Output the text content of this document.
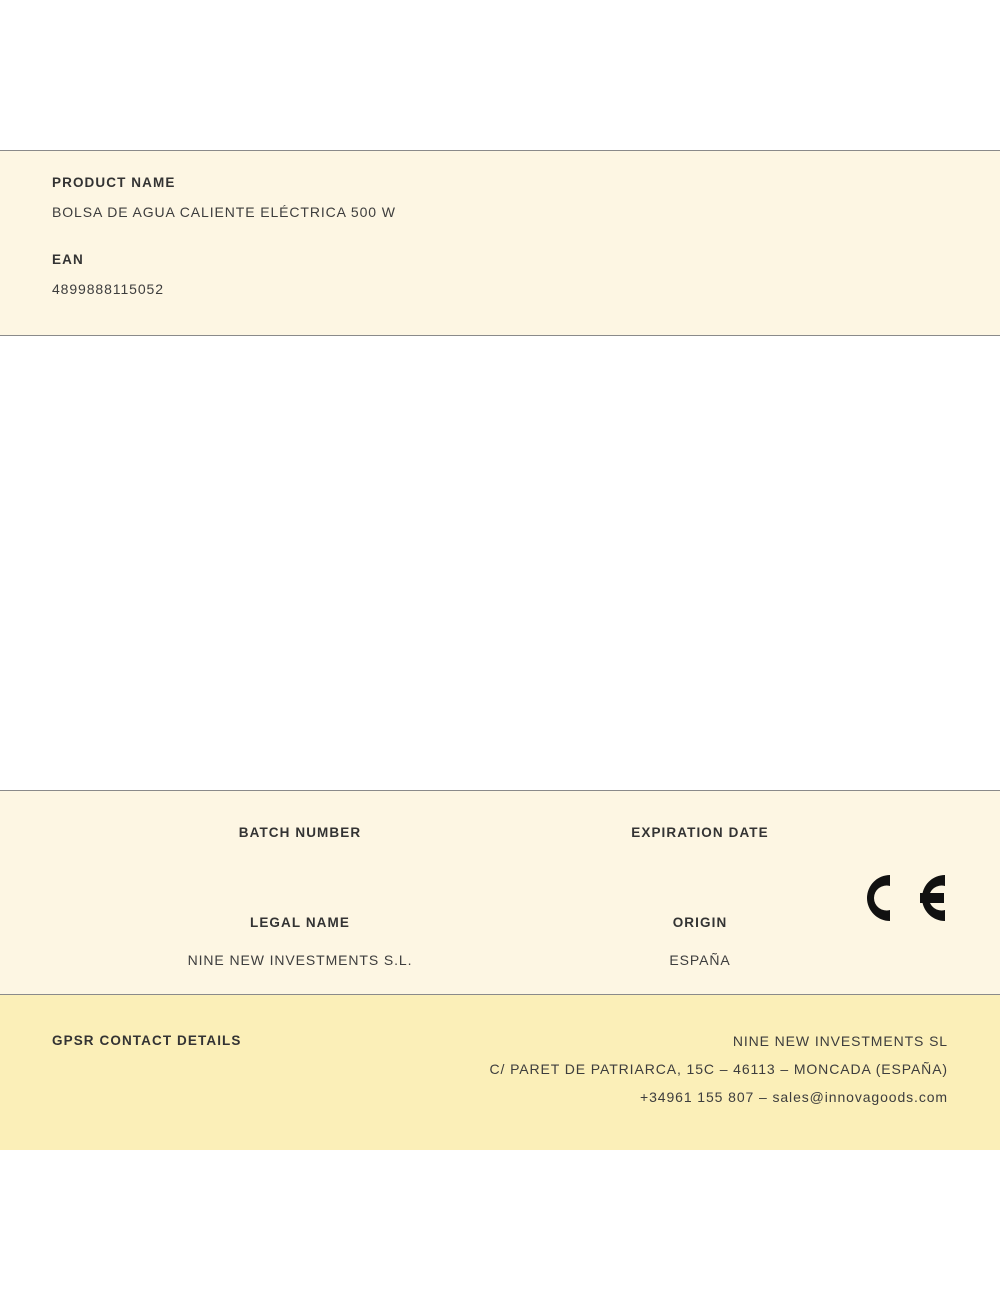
PRODUCT NAME

BOLSA DE AGUA CALIENTE ELÉCTRICA 500 W

EAN

4899888115052

BATCH NUMBER	EXPIRATION DATE

LEGAL NAME

NINE NEW INVESTMENTS S.L.

ORIGIN

ESPAÑA

GPSR CONTACT DETAILS	NINE NEW INVESTMENTS SL
C/ PARET DE PATRIARCA, 15C – 46113 – MONCADA (ESPAÑA)
+34961 155 807 – sales@innovagoods.com
